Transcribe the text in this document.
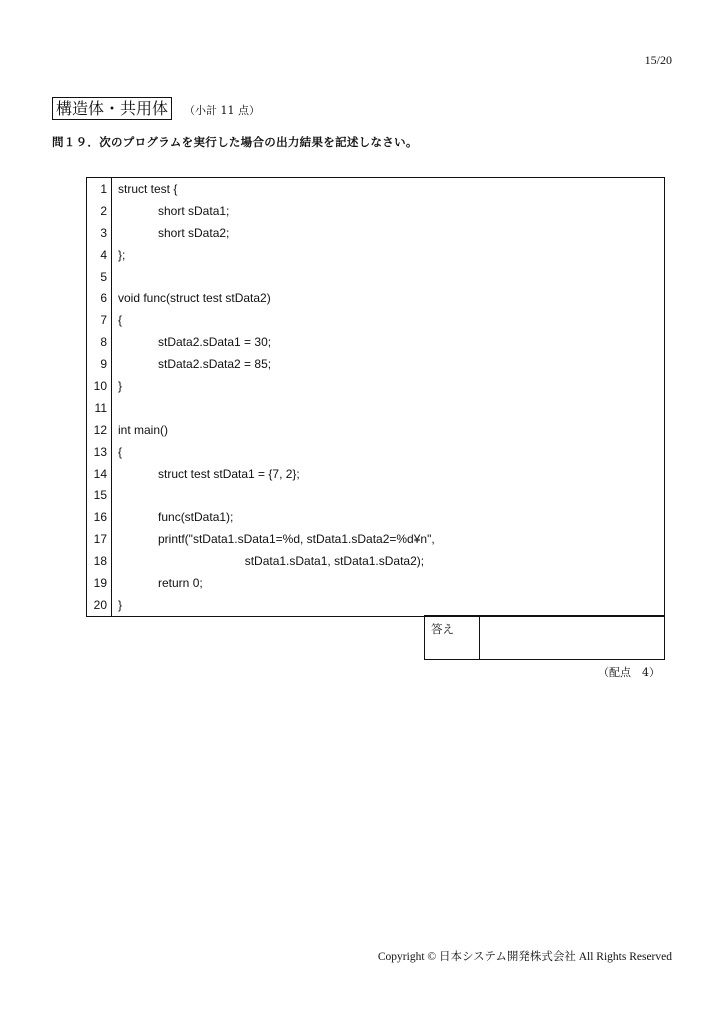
15/20
構造体・共用体	（小計 11 点）
問１９．次のプログラムを実行した場合の出力結果を記述しなさい。
1	struct test {
2	short sData1;
3	short sData2;
4	};
5	
6	void func(struct test stData2)
7	{
8	stData2.sData1 = 30;
9	stData2.sData2 = 85;
10	}
11	
12	int main()
13	{
14	struct test stData1 = {7, 2};
15	
16	func(stData1);
17	printf("stData1.sData1=%d, stData1.sData2=%d¥n",
18	stData1.sData1, stData1.sData2);
19	return 0;
20	}
答え
（配点　4）
Copyright © 日本システム開発株式会社 All Rights Reserved
